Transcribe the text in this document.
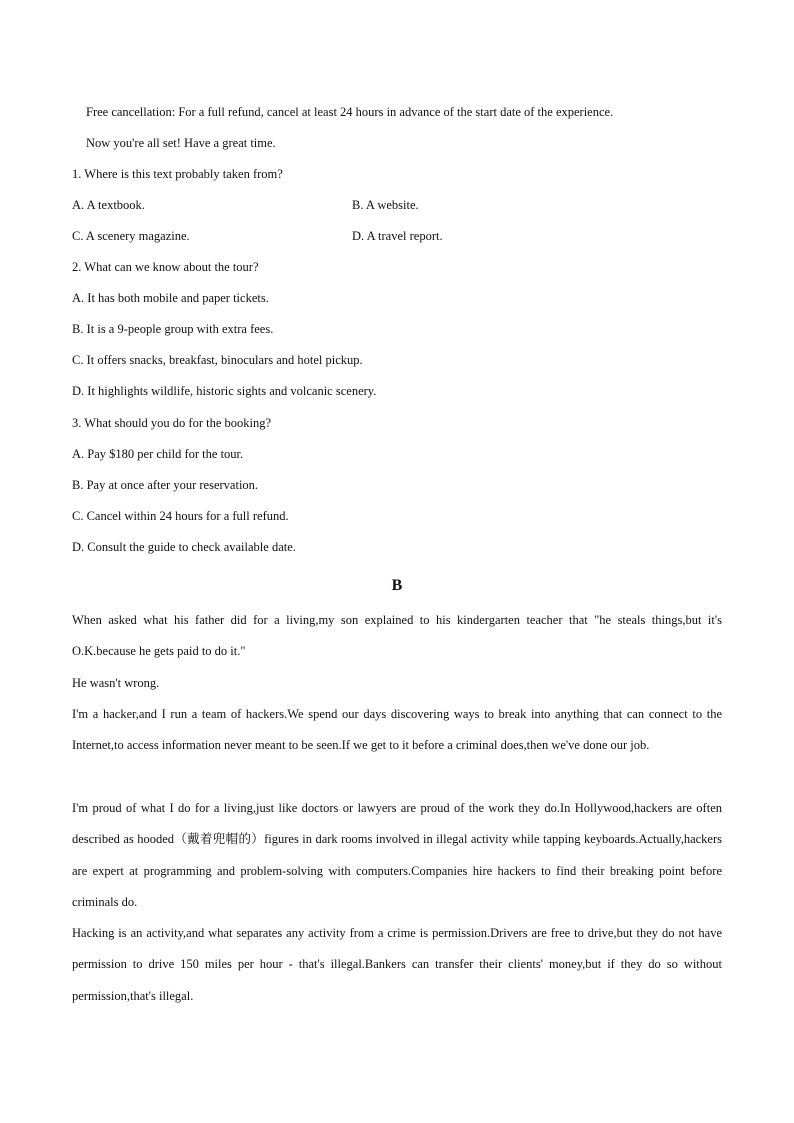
Free cancellation: For a full refund, cancel at least 24 hours in advance of the start date of the experience.
Now you're all set! Have a great time.
1. Where is this text probably taken from?
A. A textbook.	B. A website.
C. A scenery magazine.	D. A travel report.
2. What can we know about the tour?
A. It has both mobile and paper tickets.
B. It is a 9-people group with extra fees.
C. It offers snacks, breakfast, binoculars and hotel pickup.
D. It highlights wildlife, historic sights and volcanic scenery.
3. What should you do for the booking?
A. Pay $180 per child for the tour.
B. Pay at once after your reservation.
C. Cancel within 24 hours for a full refund.
D. Consult the guide to check available date.
B
When asked what his father did for a living,my son explained to his kindergarten teacher that "he steals things,but it's O.K.because he gets paid to do it."
He wasn't wrong.
I'm a hacker,and I run a team of hackers.We spend our days discovering ways to break into anything that can connect to the Internet,to access information never meant to be seen.If we get to it before a criminal does,then we've done our job.
I'm proud of what I do for a living,just like doctors or lawyers are proud of the work they do.In Hollywood,hackers are often described as hooded（戴着兜帽的）figures in dark rooms involved in illegal activity while tapping keyboards.Actually,hackers are expert at programming and problem-solving with computers.Companies hire hackers to find their breaking point before criminals do.
Hacking is an activity,and what separates any activity from a crime is permission.Drivers are free to drive,but they do not have permission to drive 150 miles per hour - that's illegal.Bankers can transfer their clients' money,but if they do so without permission,that's illegal.
